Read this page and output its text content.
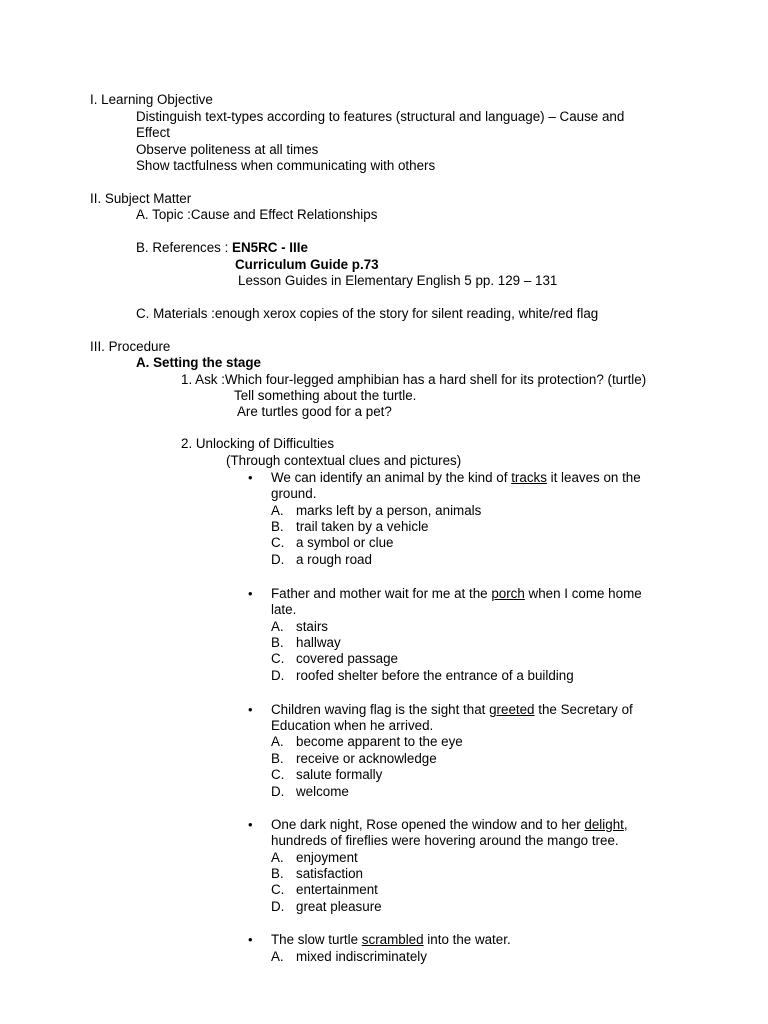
I. Learning Objective
Distinguish text-types according to features (structural and language) – Cause and
Effect
Observe politeness at all times
Show tactfulness when communicating with others
II. Subject Matter
A. Topic :Cause and Effect Relationships
B. References : EN5RC - IIIe
Curriculum Guide p.73
Lesson Guides in Elementary English 5 pp. 129 – 131
C. Materials :enough xerox copies of the story for silent reading, white/red flag
III. Procedure
A. Setting the stage
1. Ask :Which four-legged amphibian has a hard shell for its protection? (turtle)
Tell something about the turtle.
Are turtles good for a pet?
2. Unlocking of Difficulties
(Through contextual clues and pictures)
• We can identify an animal by the kind of tracks it leaves on the
ground.
A. marks left by a person, animals
B. trail taken by a vehicle
C. a symbol or clue
D. a rough road
• Father and mother wait for me at the porch when I come home
late.
A. stairs
B. hallway
C. covered passage
D. roofed shelter before the entrance of a building
• Children waving flag is the sight that greeted the Secretary of
Education when he arrived.
A. become apparent to the eye
B. receive or acknowledge
C. salute formally
D. welcome
• One dark night, Rose opened the window and to her delight,
hundreds of fireflies were hovering around the mango tree.
A. enjoyment
B. satisfaction
C. entertainment
D. great pleasure
• The slow turtle scrambled into the water.
A. mixed indiscriminately
